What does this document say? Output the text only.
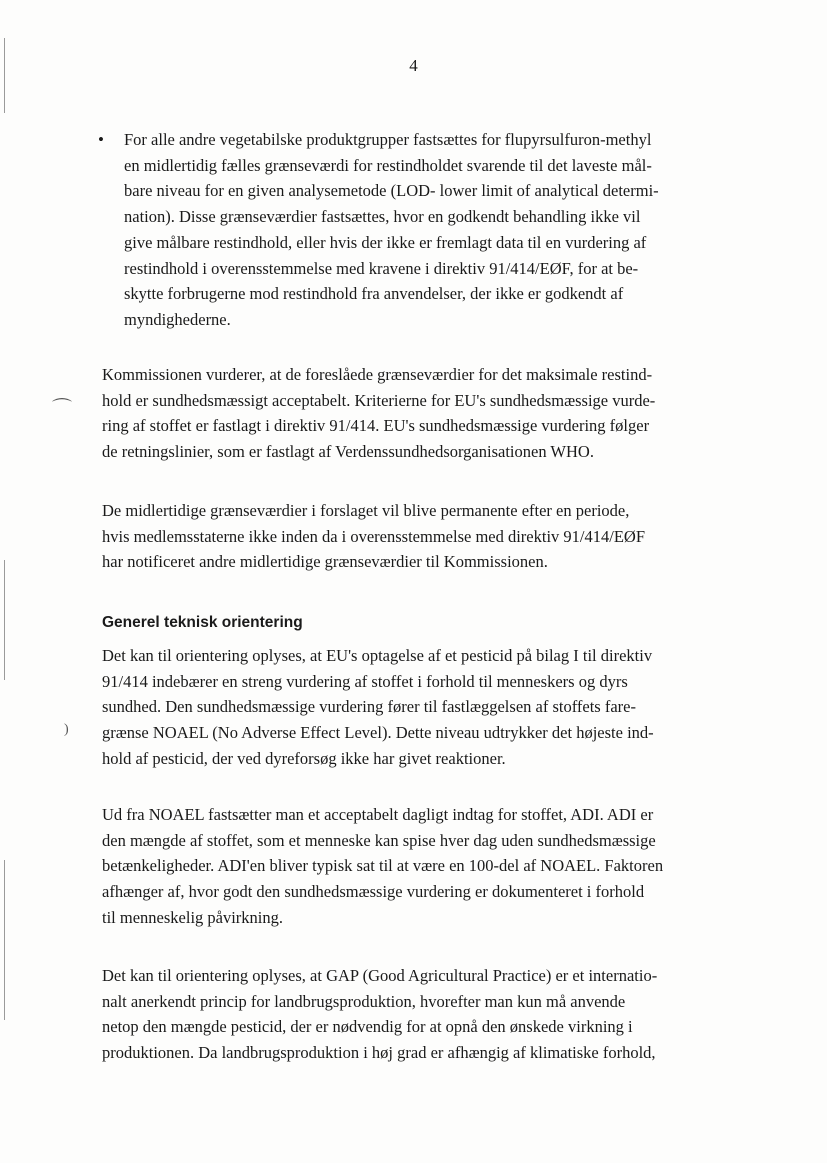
⌒
)
4
• For alle andre vegetabilske produktgrupper fastsættes for flupyrsulfuron-methyl
en midlertidig fælles grænseværdi for restindholdet svarende til det laveste mål-
bare niveau for en given analysemetode (LOD- lower limit of analytical determi-
nation). Disse grænseværdier fastsættes, hvor en godkendt behandling ikke vil
give målbare restindhold, eller hvis der ikke er fremlagt data til en vurdering af
restindhold i overensstemmelse med kravene i direktiv 91/414/EØF, for at be-
skytte forbrugerne mod restindhold fra anvendelser, der ikke er godkendt af
myndighederne.
Kommissionen vurderer, at de foreslåede grænseværdier for det maksimale restind-
hold er sundhedsmæssigt acceptabelt. Kriterierne for EU's sundhedsmæssige vurde-
ring af stoffet er fastlagt i direktiv 91/414. EU's sundhedsmæssige vurdering følger
de retningslinier, som er fastlagt af Verdenssundhedsorganisationen WHO.
De midlertidige grænseværdier i forslaget vil blive permanente efter en periode,
hvis medlemsstaterne ikke inden da i overensstemmelse med direktiv 91/414/EØF
har notificeret andre midlertidige grænseværdier til Kommissionen.
Generel teknisk orientering
Det kan til orientering oplyses, at EU's optagelse af et pesticid på bilag I til direktiv
91/414 indebærer en streng vurdering af stoffet i forhold til menneskers og dyrs
sundhed. Den sundhedsmæssige vurdering fører til fastlæggelsen af stoffets fare-
grænse NOAEL (No Adverse Effect Level). Dette niveau udtrykker det højeste ind-
hold af pesticid, der ved dyreforsøg ikke har givet reaktioner.
Ud fra NOAEL fastsætter man et acceptabelt dagligt indtag for stoffet, ADI. ADI er
den mængde af stoffet, som et menneske kan spise hver dag uden sundhedsmæssige
betænkeligheder. ADI'en bliver typisk sat til at være en 100-del af NOAEL. Faktoren
afhænger af, hvor godt den sundhedsmæssige vurdering er dokumenteret i forhold
til menneskelig påvirkning.
Det kan til orientering oplyses, at GAP (Good Agricultural Practice) er et internatio-
nalt anerkendt princip for landbrugsproduktion, hvorefter man kun må anvende
netop den mængde pesticid, der er nødvendig for at opnå den ønskede virkning i
produktionen. Da landbrugsproduktion i høj grad er afhængig af klimatiske forhold,
